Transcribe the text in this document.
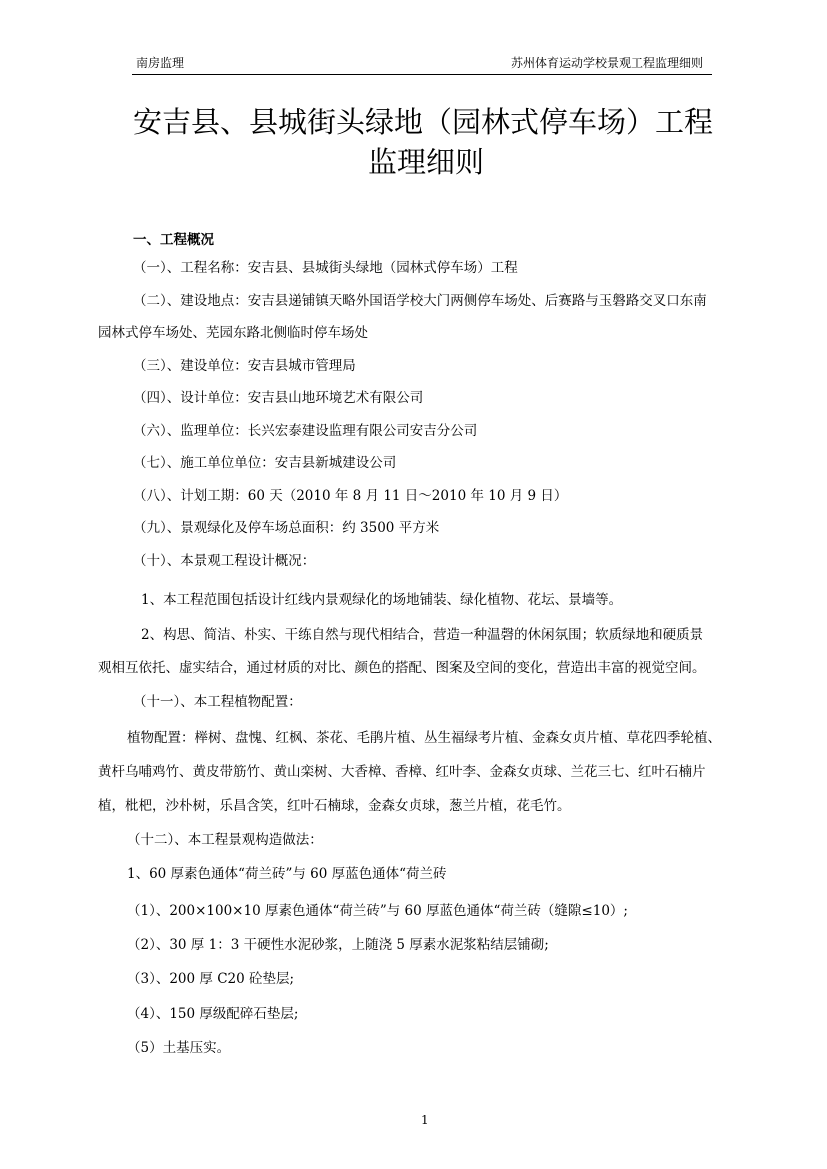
南房监理	苏州体育运动学校景观工程监理细则
安吉县、县城街头绿地（园林式停车场）工程
监理细则
一、工程概况
（一）、工程名称：安吉县、县城街头绿地（园林式停车场）工程
（二）、建设地点：安吉县递铺镇天略外国语学校大门两侧停车场处、后赛路与玉磐路交叉口东南
园林式停车场处、芜园东路北侧临时停车场处
（三）、建设单位：安吉县城市管理局
（四）、设计单位：安吉县山地环境艺术有限公司
（六）、监理单位：长兴宏泰建设监理有限公司安吉分公司
（七）、施工单位单位：安吉县新城建设公司
（八）、计划工期：60 天（2010 年 8 月 11 日～2010 年 10 月 9 日）
（九）、景观绿化及停车场总面积：约 3500 平方米
（十）、本景观工程设计概况：
1、本工程范围包括设计红线内景观绿化的场地铺装、绿化植物、花坛、景墙等。
2、构思、简洁、朴实、干练自然与现代相结合，营造一种温磬的休闲氛围；软质绿地和硬质景
观相互依托、虚实结合，通过材质的对比、颜色的搭配、图案及空间的变化，营造出丰富的视觉空间。
（十一）、本工程植物配置：
植物配置：榉树、盘愧、红枫、茶花、毛鹃片植、丛生福绿考片植、金森女贞片植、草花四季轮植、
黄杆乌哺鸡竹、黄皮带筋竹、黄山栾树、大香樟、香樟、红叶李、金森女贞球、兰花三七、红叶石楠片
植，枇杷，沙朴树，乐昌含笑，红叶石楠球，金森女贞球，葱兰片植，花毛竹。
（十二）、本工程景观构造做法：
1、60 厚素色通体“荷兰砖”与 60 厚蓝色通体“荷兰砖
（1）、200×100×10 厚素色通体“荷兰砖”与 60 厚蓝色通体“荷兰砖（缝隙≤10）;
（2）、30 厚 1：3 干硬性水泥砂浆，上随浇 5 厚素水泥浆粘结层铺砌;
（3）、200 厚 C20 砼垫层;
（4）、150 厚级配碎石垫层;
（5）土基压实。
1
